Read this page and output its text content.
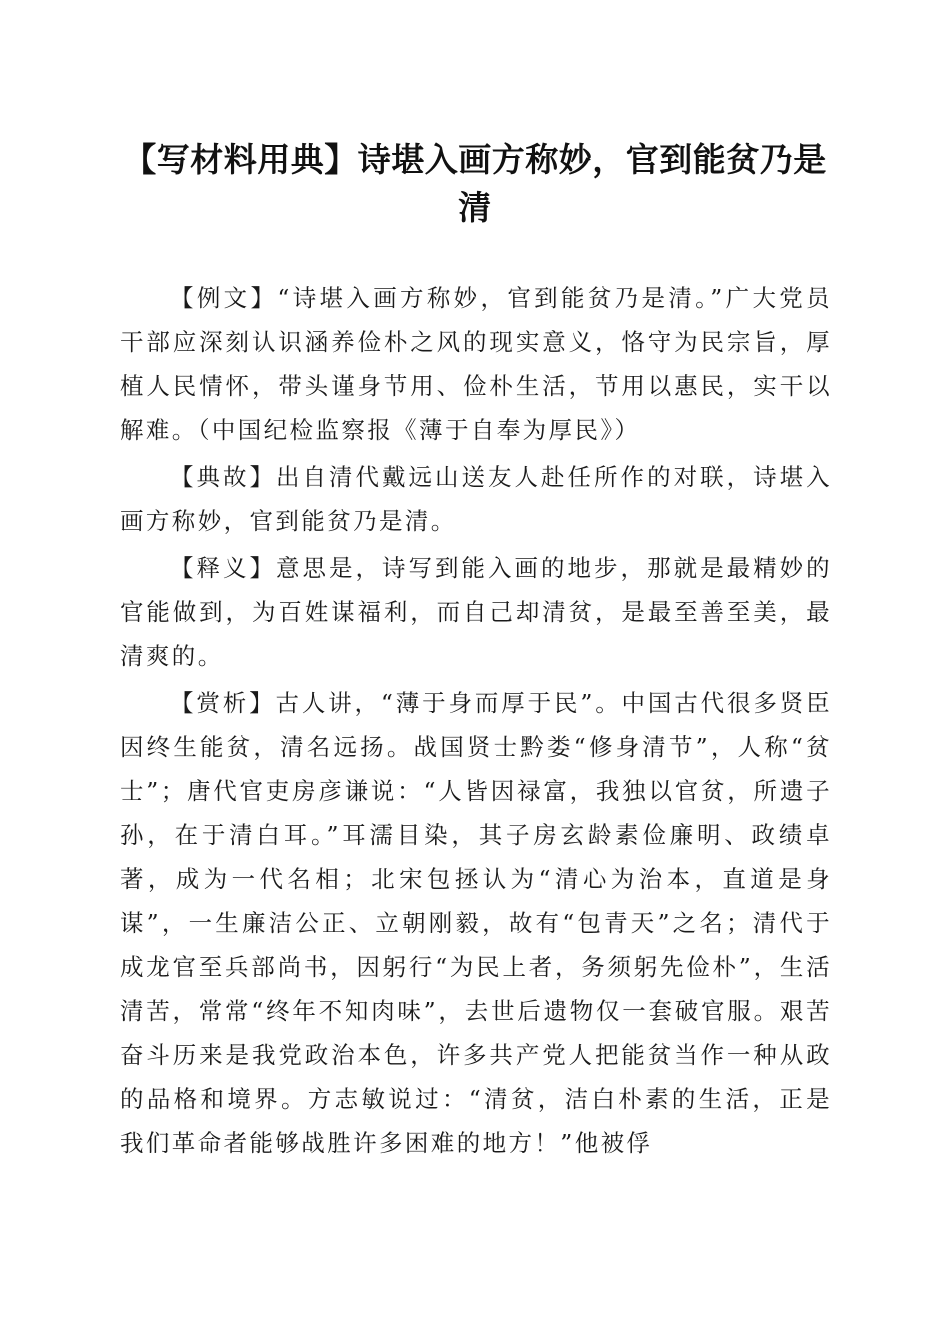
【写材料用典】诗堪入画方称妙，官到能贫乃是清

【例文】“诗堪入画方称妙，官到能贫乃是清。”广大党员干部应深刻认识涵养俭朴之风的现实意义，恪守为民宗旨，厚植人民情怀，带头谨身节用、俭朴生活，节用以惠民，实干以解难。（中国纪检监察报《薄于自奉为厚民》）

【典故】出自清代戴远山送友人赴任所作的对联，诗堪入画方称妙，官到能贫乃是清。

【释义】意思是，诗写到能入画的地步，那就是最精妙的官能做到，为百姓谋福利，而自己却清贫，是最至善至美，最清爽的。

【赏析】古人讲，“薄于身而厚于民”。中国古代很多贤臣因终生能贫，清名远扬。战国贤士黔娄“修身清节”，人称“贫士”；唐代官吏房彦谦说：“人皆因禄富，我独以官贫，所遗子孙，在于清白耳。”耳濡目染，其子房玄龄素俭廉明、政绩卓著，成为一代名相；北宋包拯认为“清心为治本，直道是身谋”，一生廉洁公正、立朝刚毅，故有“包青天”之名；清代于成龙官至兵部尚书，因躬行“为民上者，务须躬先俭朴”，生活清苦，常常“终年不知肉味”，去世后遗物仅一套破官服。艰苦奋斗历来是我党政治本色，许多共产党人把能贫当作一种从政的品格和境界。方志敏说过：“清贫，洁白朴素的生活，正是我们革命者能够战胜许多困难的地方！”他被俘
